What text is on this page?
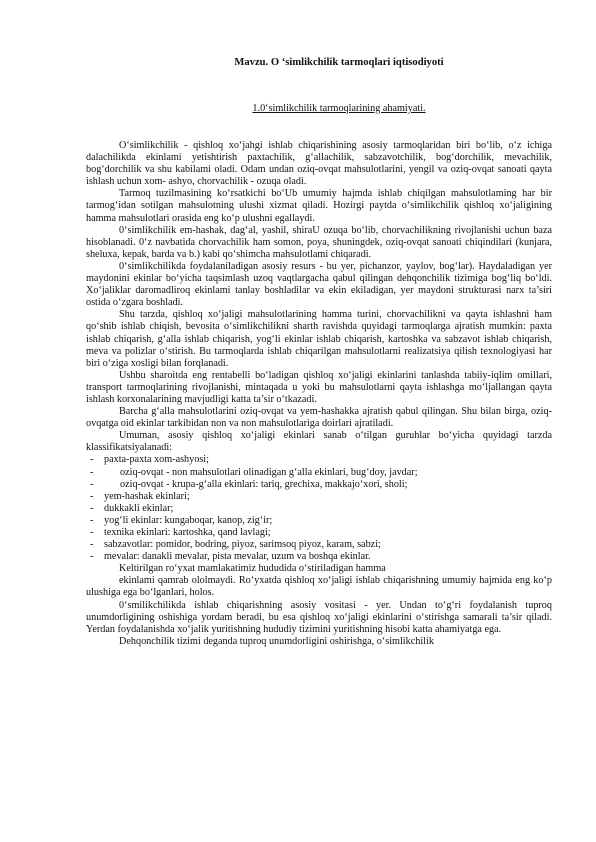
Mavzu. O ‘simlikchilik tarmoqlari iqtisodiyoti
1.0‘simlikchilik tarmoqlarining ahamiyati.

O‘simlikchilik - qishloq xo‘jahgi ishlab chiqarishining asosiy tarmoqlaridan biri bo‘lib, o‘z ichiga dalachilikda ekinlami yetishtirish paxtachilik, g‘allachilik, sabzavotchilik, bog‘dorchilik, mevachilik, bog‘dorchilik va shu kabilami oladi. Odam undan oziq-ovqat mahsulotlarini, yengil va oziq-ovqat sanoati qayta ishlash uchun xom- ashyo, chorvachilik - ozuqa oladi.

Tarmoq tuzilmasining ko‘rsatkichi bo‘Ub umumiy hajmda ishlab chiqilgan mahsulotlaming har bir tarmog‘idan sotilgan mahsulotning ulushi xizmat qiladi. Hozirgi paytda o‘simlikchilik qishloq xo‘jaligining hamma mahsulotlari orasida eng ko‘p ulushni egallaydi.

0‘simlikchilik em-hashak, dag‘al, yashil, shiraU ozuqa bo‘lib, chorvachilikning rivojlanishi uchun baza hisoblanadi. 0‘z navbatida chorvachilik ham somon, poya, shuningdek, oziq-ovqat sanoati chiqindilari (kunjara, sheluxa, kepak, barda va b.) kabi qo‘shimcha mahsulotlami chiqaradi.

0‘simlikchilikda foydalaniladigan asosiy resurs - bu yer, pichanzor, yaylov, bog‘lar). Haydaladigan yer maydonini ekinlar bo‘yicha taqsimlash uzoq vaqtlargacha qabul qilingan dehqonchilik tizimiga bog‘liq bo‘ldi. Xo‘jaliklar daromadliroq ekinlami tanlay boshladilar va ekin ekiladigan, yer maydoni strukturasi narx ta’siri ostida o‘zgara boshladi.

Shu tarzda, qishloq xo‘jaligi mahsulotlarining hamma turini, chorvachilikni va qayta ishlashni ham qo‘shib ishlab chiqish, bevosita o‘simlikchilikni sharth ravishda quyidagi tarmoqlarga ajratish mumkin: paxta ishlab chiqarish, g‘alla ishlab chiqarish, yog‘li ekinlar ishlab chiqarish, kartoshka va sabzavot ishlab chiqarish, meva va polizlar o‘stirish. Bu tarmoqlarda ishlab chiqarilgan mahsulotlarni realizatsiya qilish texnologiyasi har biri o‘ziga xosligi bilan forqlanadi.

Ushbu sharoitda eng rentabelli bo‘ladigan qishloq xo‘jaligi ekinlarini tanlashda tabiiy-iqlim omillari, transport tarmoqlarining rivojlanishi, mintaqada u yoki bu mahsulotlarni qayta ishlashga mo‘ljallangan qayta ishlash korxonalarining mavjudligi katta ta’sir o‘tkazadi.

Barcha g‘alla mahsulotlarini oziq-ovqat va yem-hashakka ajratish qabul qilingan. Shu bilan birga, oziq-ovqatga oid ekinlar tarkibidan non va non mahsulotlariga doirlari ajratiladi.

Umuman, asosiy qishloq xo‘jaligi ekinlari sanab o‘tilgan guruhlar bo‘yicha quyidagi tarzda klassifikatsiyalanadi:

- paxta-paxta xom-ashyosi;
- oziq-ovqat - non mahsulotlari olinadigan g‘alla ekinlari, bug‘doy, javdar;
- oziq-ovqat - krupa-g‘alla ekinlari: tariq, grechixa, makkajo‘xori, sholi;
- yem-hashak ekinlari;
- dukkakli ekinlar;
- yog‘li ekinlar: kungaboqar, kanop, zig‘ir;
- texnika ekinlari: kartoshka, qand lavlagi;
- sabzavotlar: pomidor, bodring, piyoz, sarimsoq piyoz, karam, sabzi;
- mevalar: danakli mevalar, pista mevalar, uzum va boshqa ekinlar.

Keltirilgan ro‘yxat mamlakatimiz hududida o‘stiriladigan hamma

ekinlami qamrab ololmaydi. Ro‘yxatda qishloq xo‘jaligi ishlab chiqarishning umumiy hajmida eng ko‘p ulushiga ega bo‘lganlari, holos.

0‘smilikchilikda ishlab chiqarishning asosiy vositasi - yer. Undan to‘g‘ri foydalanish tuproq unumdorligining oshishiga yordam beradi, bu esa qishloq xo‘jaligi ekinlarini o‘stirishga samarali ta’sir qiladi. Yerdan foydalanishda xo‘jalik yuritishning hududiy tizimini yuritishning hisobi katta ahamiyatga ega.

Dehqonchilik tizimi deganda tuproq unumdorligini oshirishga, o‘simlikchilik
